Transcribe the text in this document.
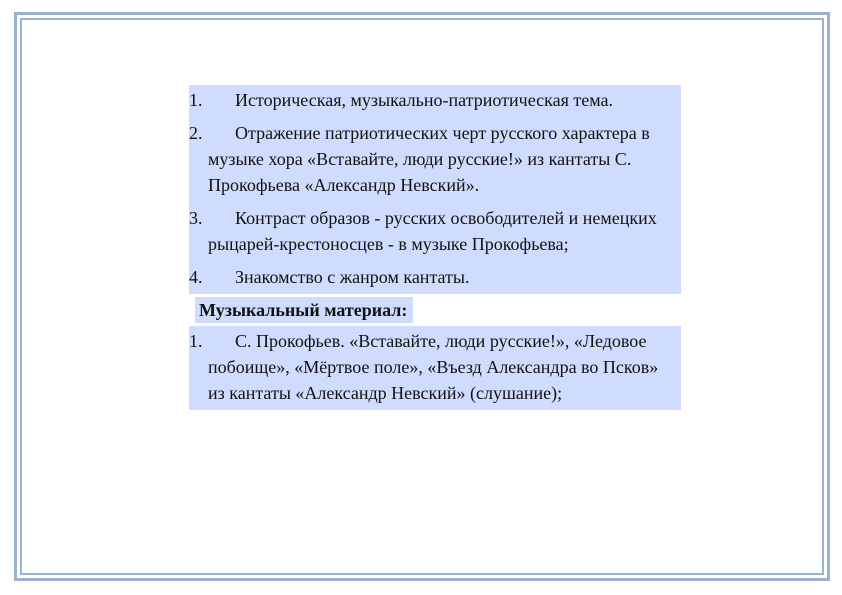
1. Историческая, музыкально-патриотическая тема.
2. Отражение патриотических черт русского характера в музыке хора «Вставайте, люди русские!» из кантаты С. Прокофьева «Александр Невский».
3. Контраст образов - русских освободителей и немецких рыцарей-крестоносцев - в музыке Прокофьева;
4. Знакомство с жанром кантаты.
Музыкальный материал:
1. С. Прокофьев. «Вставайте, люди русские!», «Ледовое побоище», «Мёртвое поле», «Въезд Александра во Псков» из кантаты «Александр Невский» (слушание);
